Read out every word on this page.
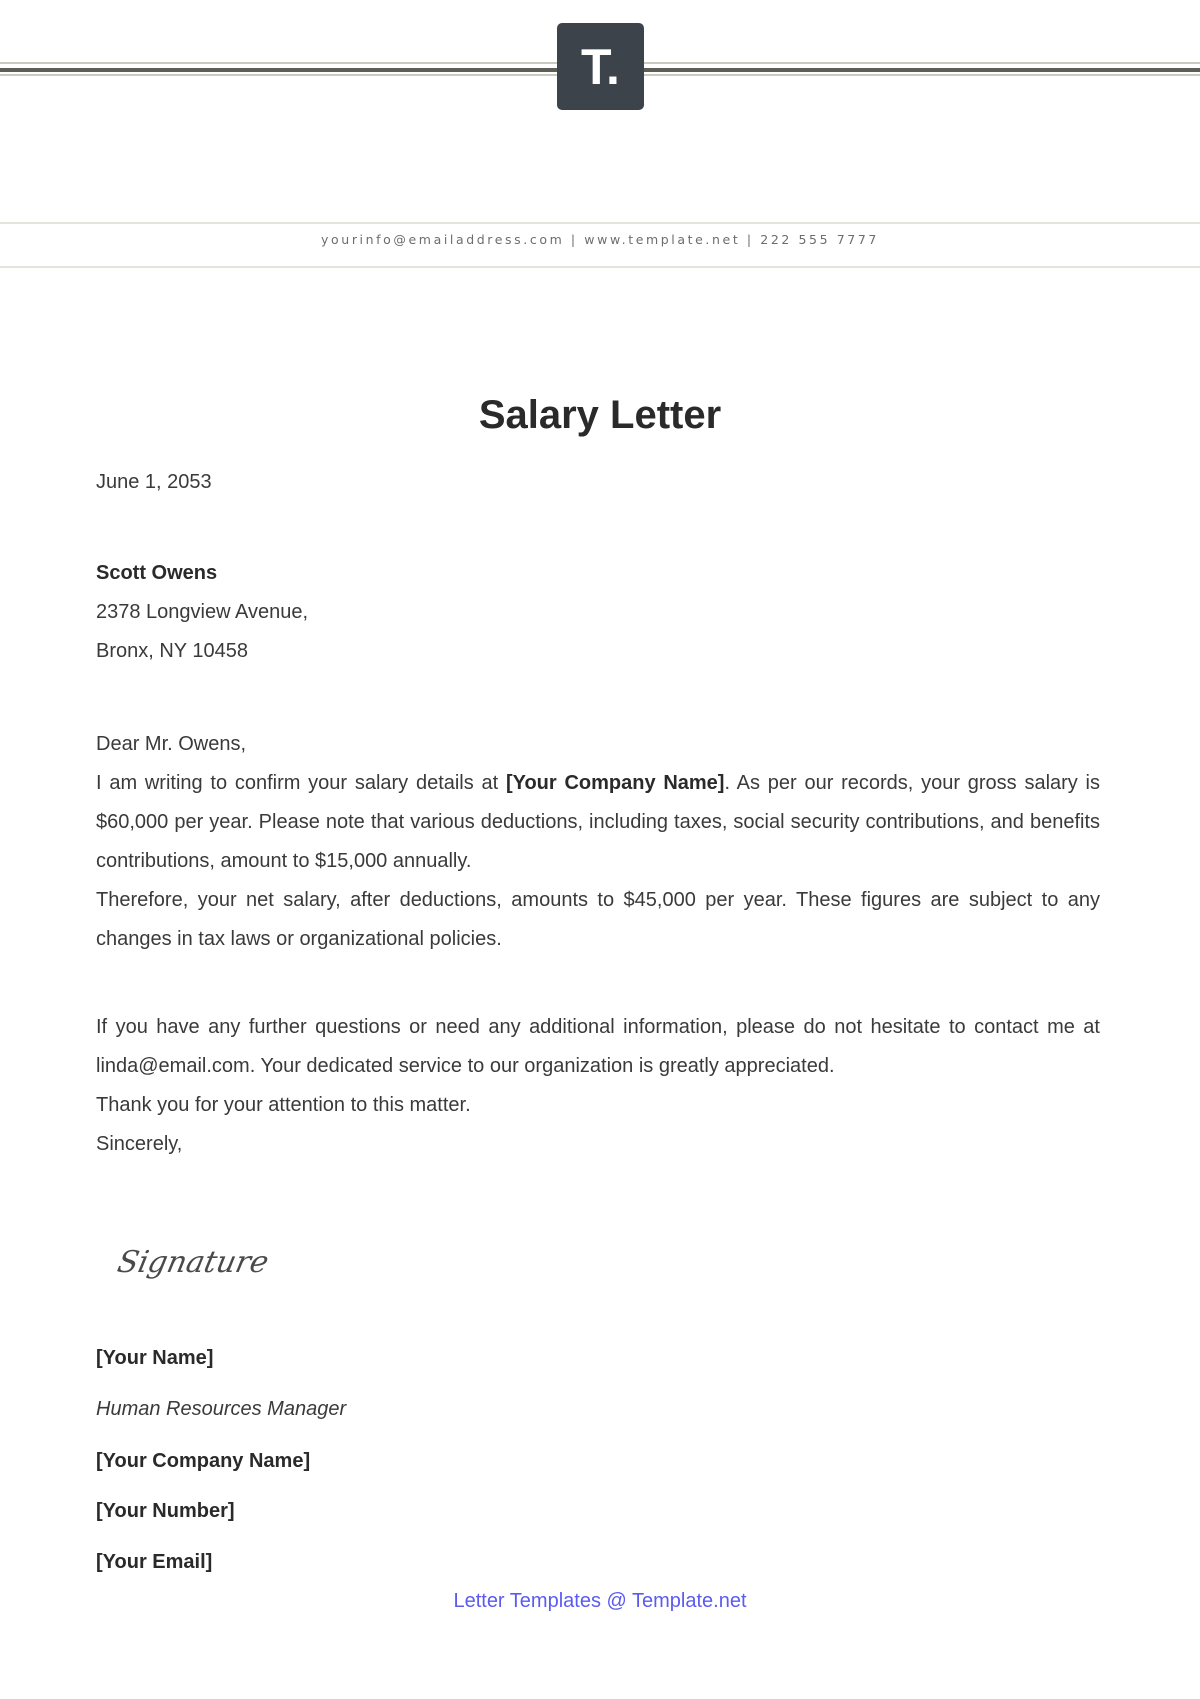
T.
yourinfo@emailaddress.com | www.template.net | 222 555 7777
Salary Letter
June 1, 2053
Scott Owens
2378 Longview Avenue,
Bronx, NY 10458
Dear Mr. Owens,
I am writing to confirm your salary details at [Your Company Name]. As per our records, your gross salary is $60,000 per year. Please note that various deductions, including taxes, social security contributions, and benefits contributions, amount to $15,000 annually.
Therefore, your net salary, after deductions, amounts to $45,000 per year. These figures are subject to any changes in tax laws or organizational policies.
If you have any further questions or need any additional information, please do not hesitate to contact me at linda@email.com. Your dedicated service to our organization is greatly appreciated.
Thank you for your attention to this matter.
Sincerely,
Signature
[Your Name]
Human Resources Manager
[Your Company Name]
[Your Number]
[Your Email]
Letter Templates @ Template.net
